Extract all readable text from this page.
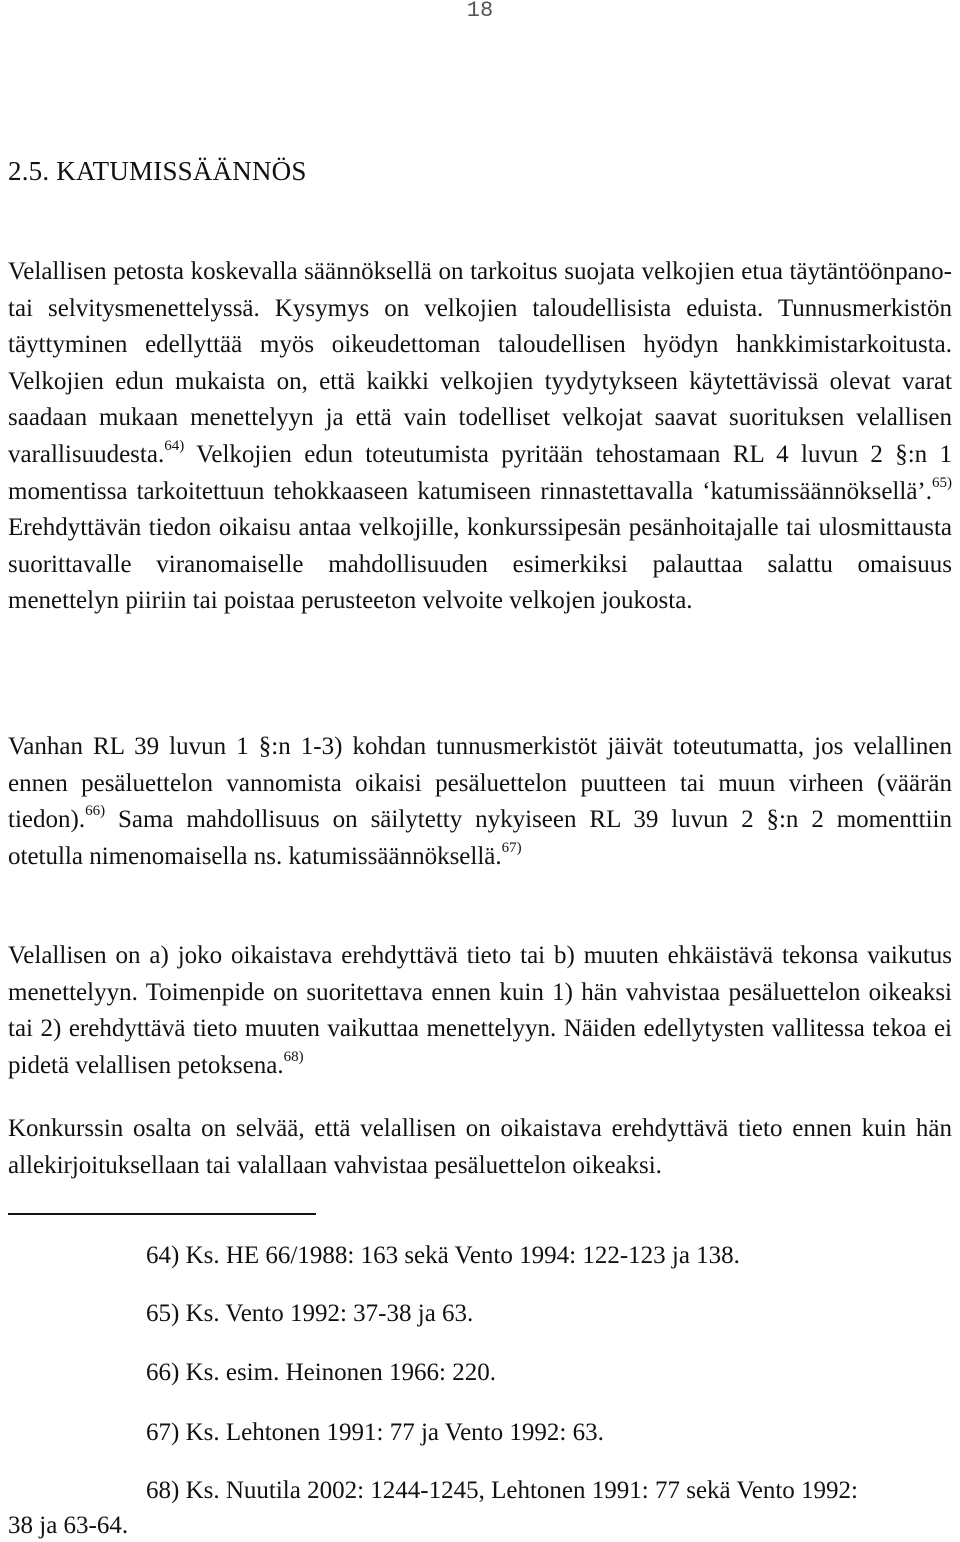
18
2.5. KATUMISSÄÄNNÖS

Velallisen petosta koskevalla säännöksellä on tarkoitus suojata velkojien etua täytäntöönpano- tai selvitysmenettelyssä. Kysymys on velkojien taloudellisista eduista. Tunnusmerkistön täyttyminen edellyttää myös oikeudettoman taloudellisen hyödyn hankkimistarkoitusta. Velkojien edun mukaista on, että kaikki velkojien tyydytykseen käytettävissä olevat varat saadaan mukaan menettelyyn ja että vain todelliset velkojat saavat suorituksen velallisen varallisuudesta.$^{64)}$ Velkojien edun toteutumista pyritään tehostamaan RL 4 luvun 2 §:n 1 momentissa tarkoitettuun tehokkaaseen katumiseen rinnastettavalla ‘katumissäännöksellä’.$^{65)}$ Erehdyttävän tiedon oikaisu antaa velkojille, konkurssipesän pesänhoitajalle tai ulosmittausta suorittavalle viranomaiselle mahdollisuuden esimerkiksi palauttaa salattu omaisuus menettelyn piiriin tai poistaa perusteeton velvoite velkojen joukosta.

Vanhan RL 39 luvun 1 §:n 1-3) kohdan tunnusmerkistöt jäivät toteutumatta, jos velallinen ennen pesäluettelon vannomista oikaisi pesäluettelon puutteen tai muun virheen (väärän tiedon).$^{66)}$ Sama mahdollisuus on säilytetty nykyiseen RL 39 luvun 2 §:n 2 momenttiin otetulla nimenomaisella ns. katumissäännöksellä.$^{67)}$

Velallisen on a) joko oikaistava erehdyttävä tieto tai b) muuten ehkäistävä tekonsa vaikutus menettelyyn. Toimenpide on suoritettava ennen kuin 1) hän vahvistaa pesäluettelon oikeaksi tai 2) erehdyttävä tieto muuten vaikuttaa menettelyyn. Näiden edellytysten vallitessa tekoa ei pidetä velallisen petoksena.$^{68)}$

Konkurssin osalta on selvää, että velallisen on oikaistava erehdyttävä tieto ennen kuin hän allekirjoituksellaan tai valallaan vahvistaa pesäluettelon oikeaksi.

64) Ks. HE 66/1988: 163 sekä Vento 1994: 122-123 ja 138.
65) Ks. Vento 1992: 37-38 ja 63.
66) Ks. esim. Heinonen 1966: 220.
67) Ks. Lehtonen 1991: 77 ja Vento 1992: 63.
68) Ks. Nuutila 2002: 1244-1245, Lehtonen 1991: 77 sekä Vento 1992:
38 ja 63-64.
